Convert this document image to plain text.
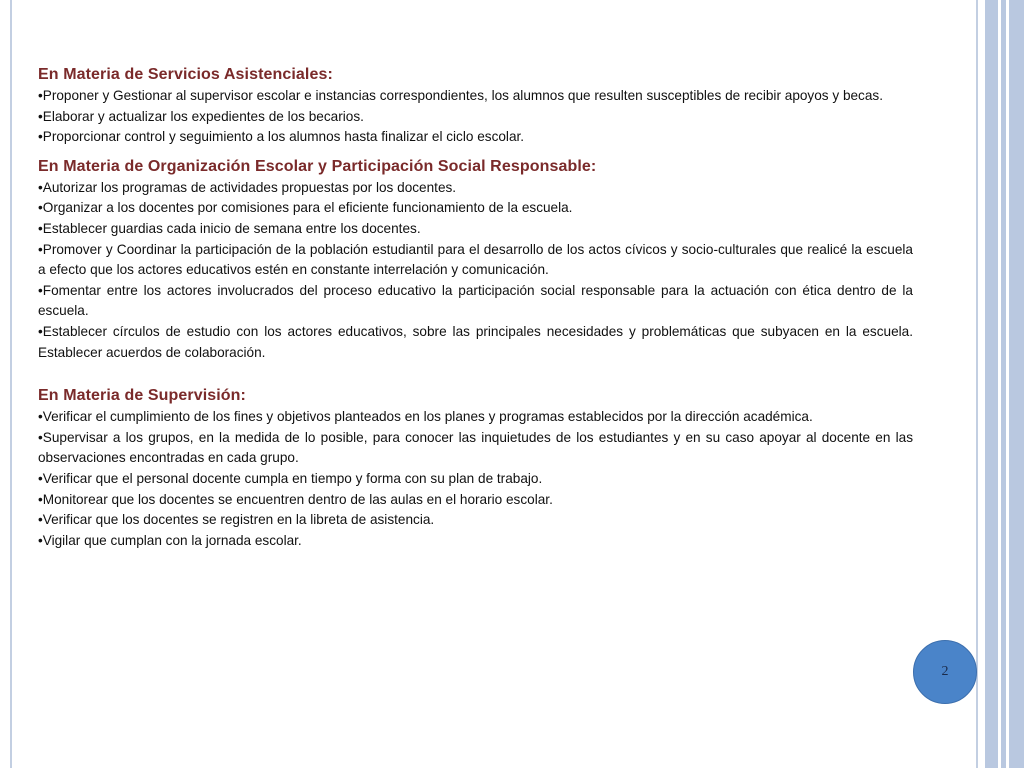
En Materia de Servicios Asistenciales:

•Proponer y Gestionar al supervisor escolar e instancias correspondientes, los alumnos que resulten susceptibles de recibir apoyos y becas.

•Elaborar y actualizar los expedientes de los becarios.

•Proporcionar control y seguimiento a los alumnos hasta finalizar el ciclo escolar.

En Materia de Organización Escolar y Participación Social Responsable:

•Autorizar los programas de actividades propuestas por los docentes.

•Organizar a los docentes por comisiones para el eficiente funcionamiento de la escuela.

•Establecer guardias cada inicio de semana entre los docentes.

•Promover y Coordinar la participación de la población estudiantil para el desarrollo de los actos cívicos y socio-culturales que realicé la escuela a efecto que los actores educativos estén en constante interrelación y comunicación.

•Fomentar entre los actores involucrados del proceso educativo la participación social responsable para la actuación con ética dentro de la escuela.

•Establecer círculos de estudio con los actores educativos, sobre las principales necesidades y problemáticas que subyacen en la escuela. Establecer acuerdos de colaboración.

En Materia de Supervisión:

•Verificar el cumplimiento de los fines y objetivos planteados en los planes y programas establecidos por la dirección académica.

•Supervisar a los grupos, en la medida de lo posible, para conocer las inquietudes de los estudiantes y en su caso apoyar al docente en las observaciones encontradas en cada grupo.

•Verificar que el personal docente cumpla en tiempo y forma con su plan de trabajo.

•Monitorear que los docentes se encuentren dentro de las aulas en el horario escolar.

•Verificar que los docentes se registren en la libreta de asistencia.

•Vigilar que cumplan con la jornada escolar.

2
